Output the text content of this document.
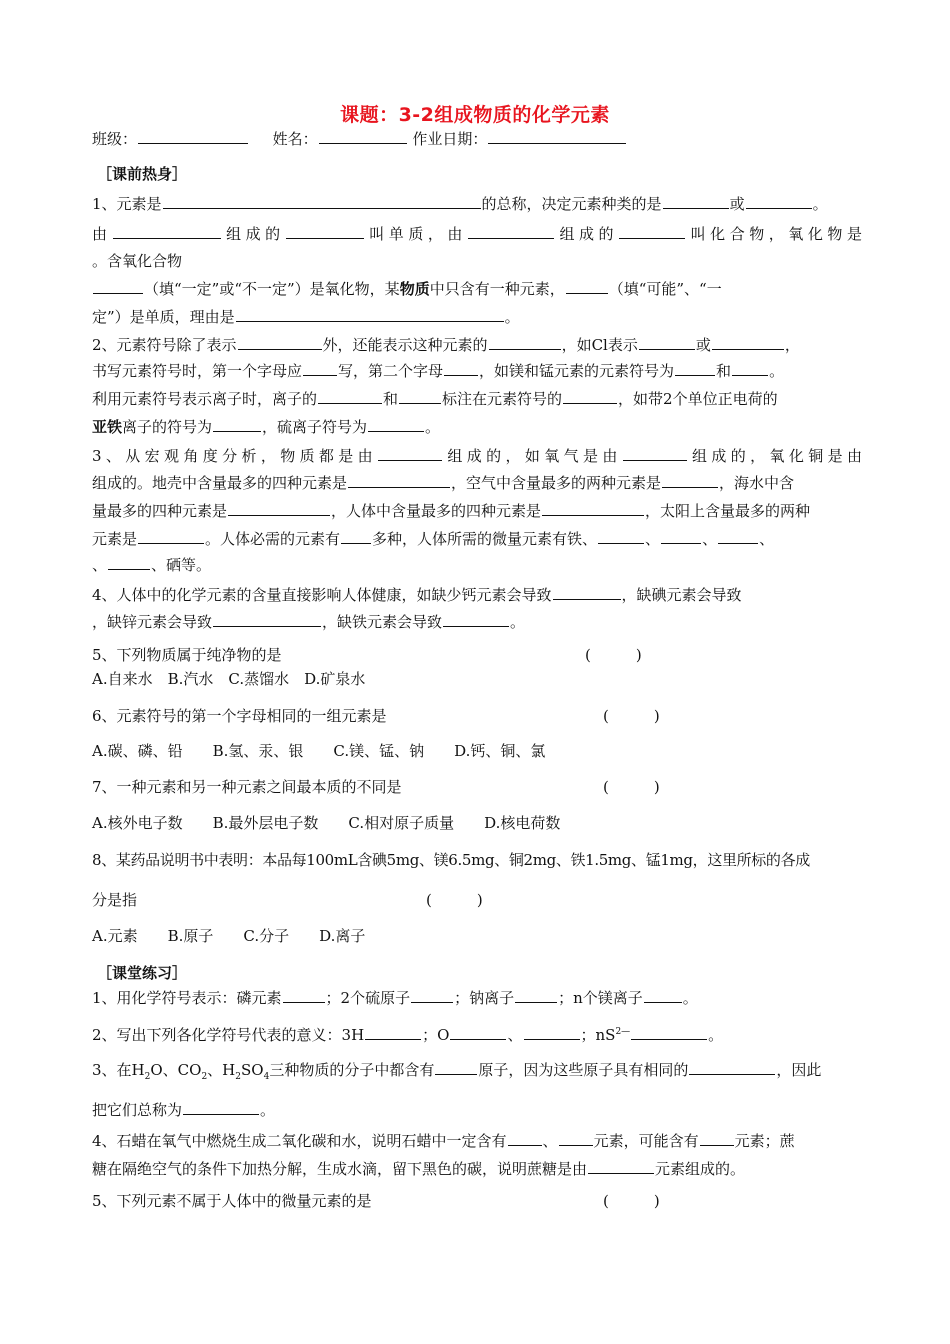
课题：3-2组成物质的化学元素
班级：	姓名：	作业日期：
［课前热身］
1、元素是	的总称，决定元素种类的是	或	。
由	组成的	叫单质，由	组成的	叫化合物，氧化物是
。含氧化合物
（填“一定”或“不一定”）是氧化物，某物质中只含有一种元素，	（填“可能”、“一
定”）是单质，理由是	。
2、元素符号除了表示	外，还能表示这种元素的	，如Cl表示	或	，
书写元素符号时，第一个字母应 写，第二个字母 ，如镁和锰元素的元素符号为	和	。
利用元素符号表示离子时，离子的	和	标注在元素符号的	，如带2个单位正电荷的
亚铁离子的符号为	，硫离子符号为	。
3、从宏观角度分析，物质都是由	组成的，如氧气是由	组成的，氧化铜是由
组成的。地壳中含量最多的四种元素是	，空气中含量最多的两种元素是	，海水中含
量最多的四种元素是	，人体中含量最多的四种元素是	，太阳上含量最多的两种
元素是	。人体必需的元素有 多种，人体所需的微量元素有铁、	、	、	、
、	、硒等。
4、人体中的化学元素的含量直接影响人体健康，如缺少钙元素会导致	，缺碘元素会导致
，缺锌元素会导致	，缺铁元素会导致	。
5、下列物质属于纯净物的是	(　　　)
A.自来水　B.汽水　C.蒸馏水　D.矿泉水
6、元素符号的第一个字母相同的一组元素是	(　　　)
A.碳、磷、铅　　B.氢、汞、银　　C.镁、锰、钠　　D.钙、铜、氯
7、一种元素和另一种元素之间最本质的不同是	(　　　)
A.核外电子数　　B.最外层电子数　　C.相对原子质量　　D.核电荷数
8、某药品说明书中表明：本品每100mL含碘5mg、镁6.5mg、铜2mg、铁1.5mg、锰1mg，这里所标的各成
分是指	(　　　)
A.元素　　B.原子　　C.分子　　D.离子
［课堂练习］
1、用化学符号表示：磷元素	；2个硫原子	；钠离子	；n个镁离子	。
2、写出下列各化学符号代表的意义：3H	；O	、	；$nS^{2—}$	。
3、在$H_2O$、$CO_2$、$H_2SO_4$三种物质的分子中都含有	原子，因为这些原子具有相同的	，因此
把它们总称为	。
4、石蜡在氧气中燃烧生成二氧化碳和水，说明石蜡中一定含有 、 元素，可能含有 元素；蔗
糖在隔绝空气的条件下加热分解，生成水滴，留下黑色的碳，说明蔗糖是由	元素组成的。
5、下列元素不属于人体中的微量元素的是	(　　　)
